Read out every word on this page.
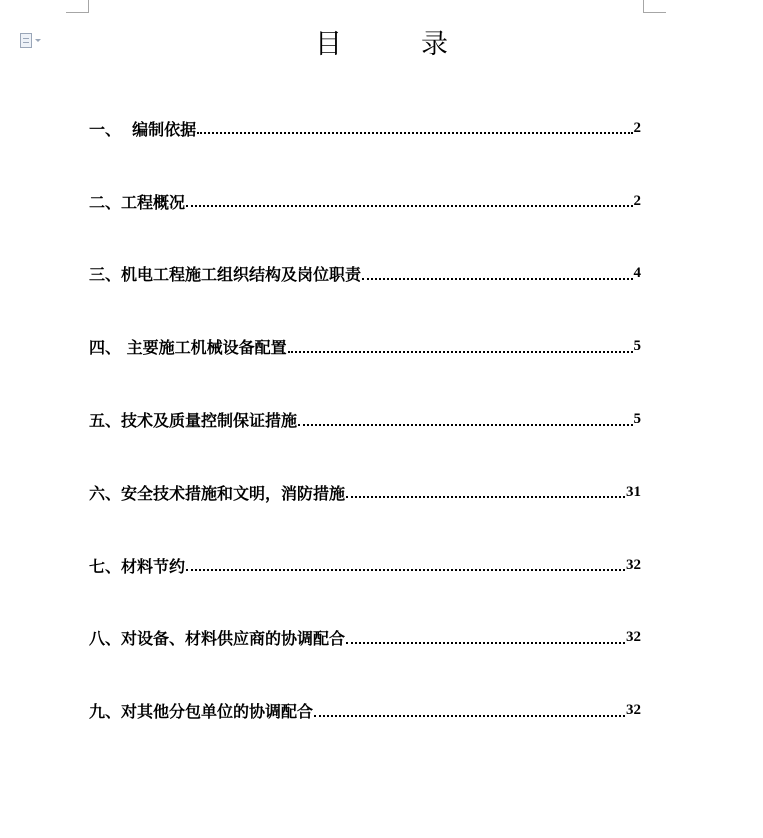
目　录
一、  编制依据	2
二、工程概况	2
三、机电工程施工组织结构及岗位职责	4
四、 主要施工机械设备配置	5
五、技术及质量控制保证措施	5
六、安全技术措施和文明，消防措施	31
七、材料节约	32
八、对设备、材料供应商的协调配合	32
九、对其他分包单位的协调配合	32
